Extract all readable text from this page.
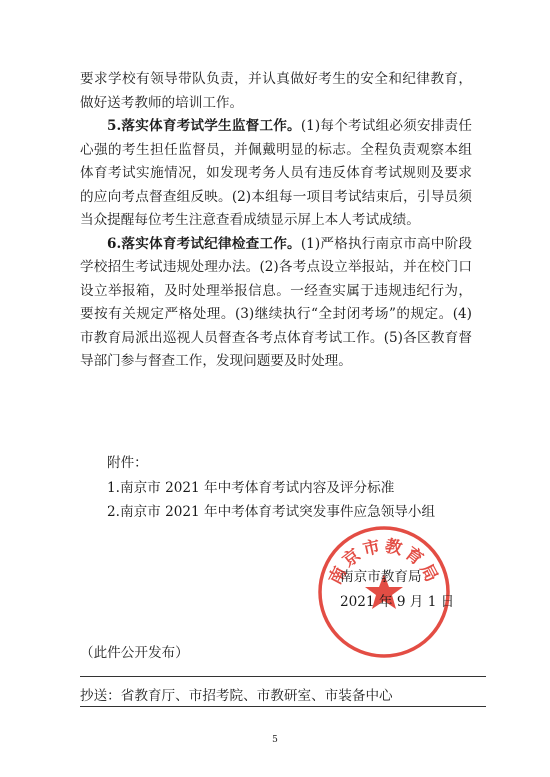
要求学校有领导带队负责，并认真做好考生的安全和纪律教育，做好送考教师的培训工作。

5.落实体育考试学生监督工作。(1)每个考试组必须安排责任心强的考生担任监督员，并佩戴明显的标志。全程负责观察本组体育考试实施情况，如发现考务人员有违反体育考试规则及要求的应向考点督查组反映。(2)本组每一项目考试结束后，引导员须当众提醒每位考生注意查看成绩显示屏上本人考试成绩。

6.落实体育考试纪律检查工作。(1)严格执行南京市高中阶段学校招生考试违规处理办法。(2)各考点设立举报站，并在校门口设立举报箱，及时处理举报信息。一经查实属于违规违纪行为，要按有关规定严格处理。(3)继续执行“全封闭考场”的规定。(4)市教育局派出巡视人员督查各考点体育考试工作。(5)各区教育督导部门参与督查工作，发现问题要及时处理。

附件：
1.南京市 2021 年中考体育考试内容及评分标准
2.南京市 2021 年中考体育考试突发事件应急领导小组
南京市教育局
南京市教育局
2021 年 9 月 1 日
（此件公开发布）
抄送：省教育厅、市招考院、市教研室、市装备中心
5
